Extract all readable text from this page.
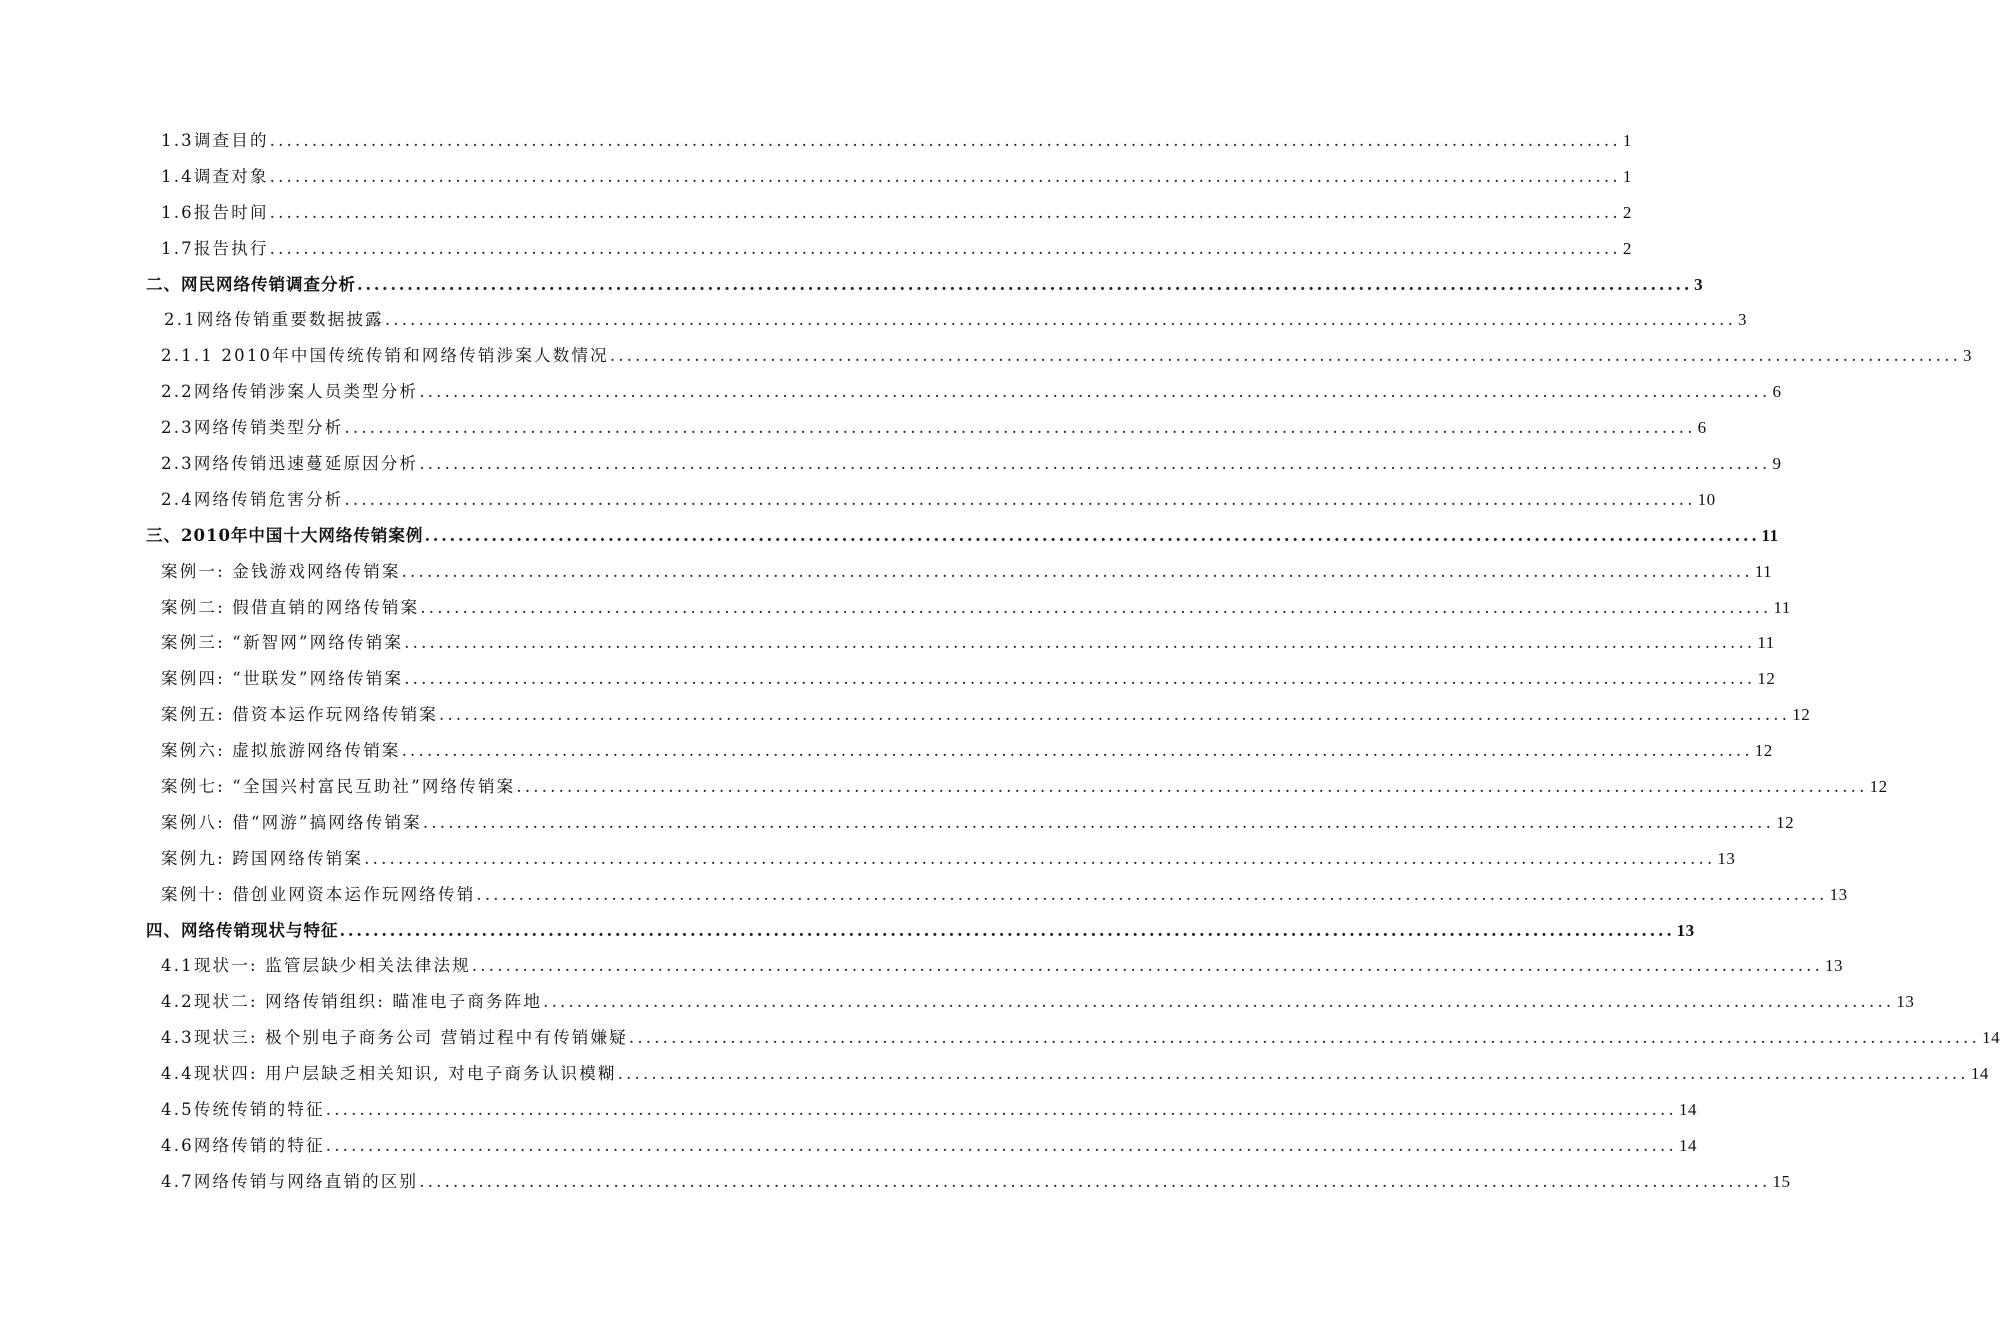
1.3调查目的 ................................................................................................................................................................ 1
1.4调查对象 ................................................................................................................................................................ 1
1.6报告时间 ................................................................................................................................................................ 2
1.7报告执行 ................................................................................................................................................................ 2
二、网民网络传销调查分析 ................................................................................................................................................................ 3
2.1网络传销重要数据披露 ................................................................................................................................................................ 3
2.1.1 2010年中国传统传销和网络传销涉案人数情况 ................................................................................................................................................................ 3
2.2网络传销涉案人员类型分析 ................................................................................................................................................................ 6
2.3网络传销类型分析 ................................................................................................................................................................ 6
2.3网络传销迅速蔓延原因分析 ................................................................................................................................................................ 9
2.4网络传销危害分析 ................................................................................................................................................................ 10
三、2010年中国十大网络传销案例 ................................................................................................................................................................ 11
案例一: 金钱游戏网络传销案 ................................................................................................................................................................ 11
案例二: 假借直销的网络传销案 ................................................................................................................................................................ 11
案例三: “新智网”网络传销案 ................................................................................................................................................................ 11
案例四: “世联发”网络传销案 ................................................................................................................................................................ 12
案例五: 借资本运作玩网络传销案 ................................................................................................................................................................ 12
案例六: 虚拟旅游网络传销案 ................................................................................................................................................................ 12
案例七: “全国兴村富民互助社”网络传销案 ................................................................................................................................................................ 12
案例八: 借“网游”搞网络传销案 ................................................................................................................................................................ 12
案例九: 跨国网络传销案 ................................................................................................................................................................ 13
案例十: 借创业网资本运作玩网络传销 ................................................................................................................................................................ 13
四、网络传销现状与特征 ................................................................................................................................................................ 13
4.1现状一: 监管层缺少相关法律法规 ................................................................................................................................................................ 13
4.2现状二: 网络传销组织: 瞄准电子商务阵地 ................................................................................................................................................................ 13
4.3现状三: 极个别电子商务公司 营销过程中有传销嫌疑 ................................................................................................................................................................ 14
4.4现状四: 用户层缺乏相关知识, 对电子商务认识模糊 ................................................................................................................................................................ 14
4.5传统传销的特征 ................................................................................................................................................................ 14
4.6网络传销的特征 ................................................................................................................................................................ 14
4.7网络传销与网络直销的区别 ................................................................................................................................................................ 15
